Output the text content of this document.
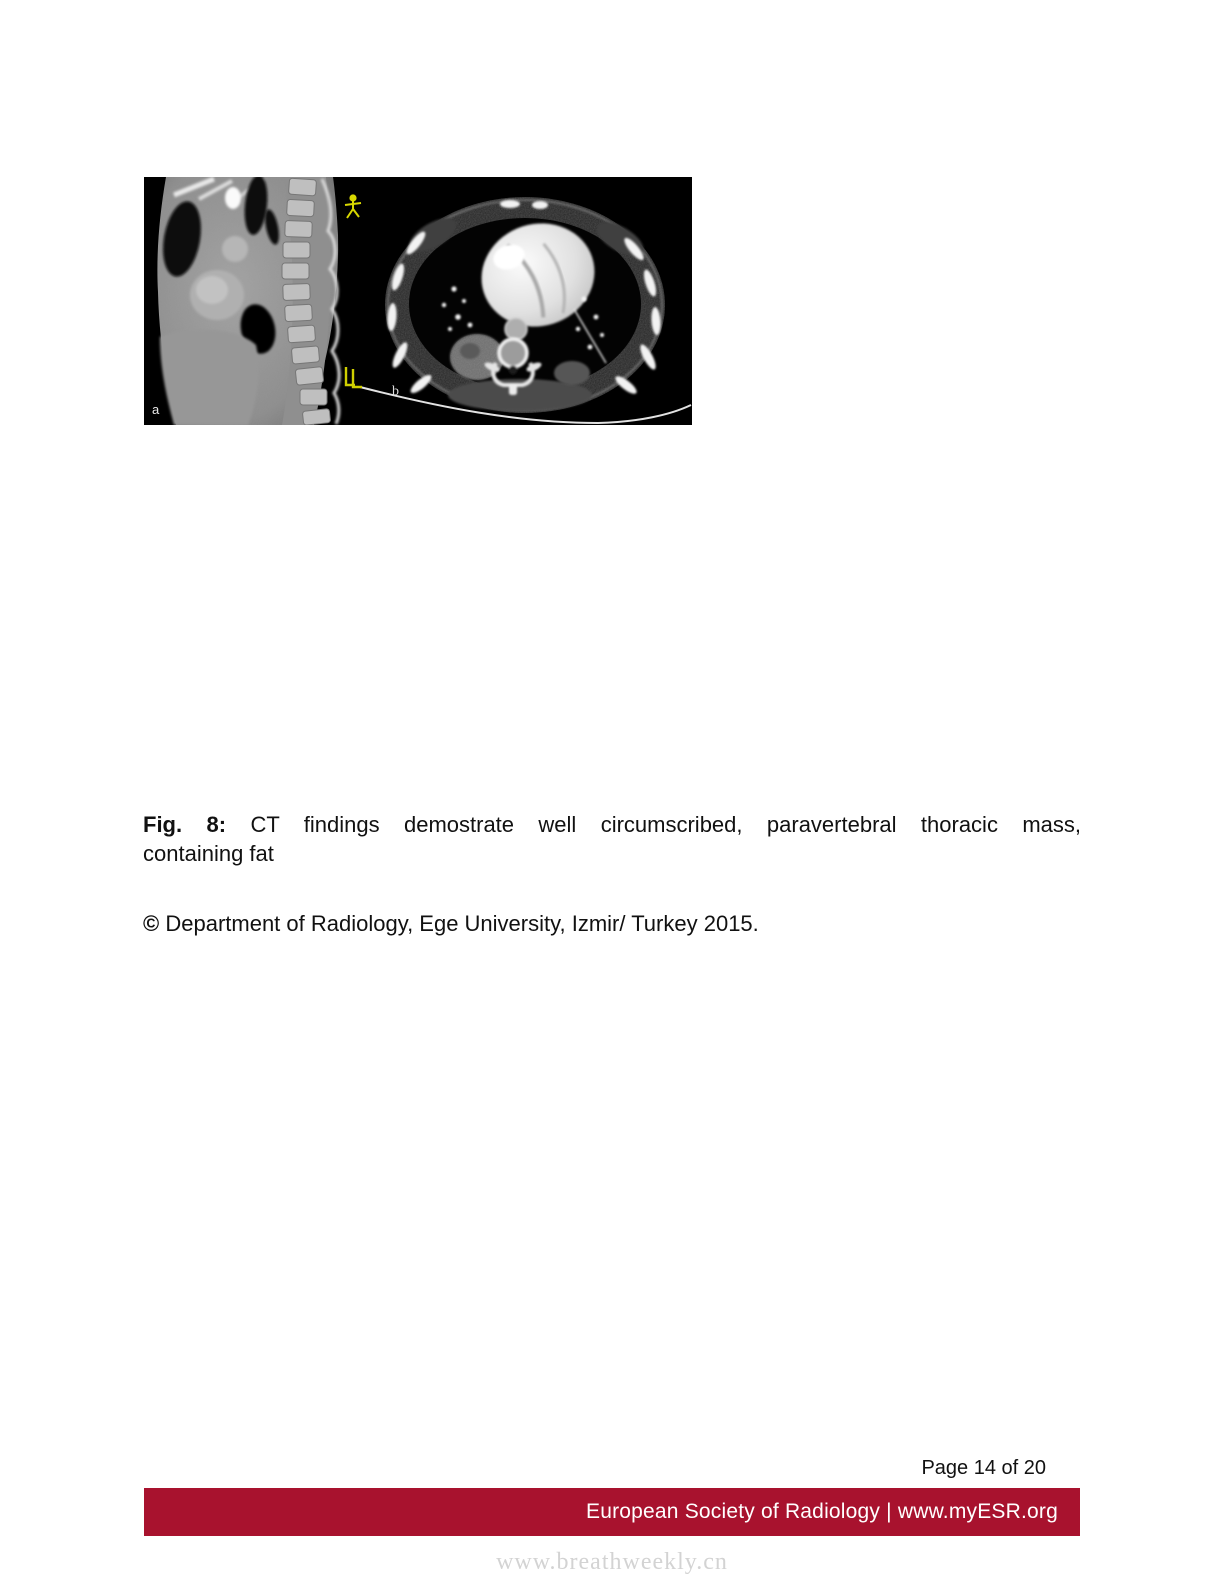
a
b

Fig. 8: CT findings demostrate well circumscribed, paravertebral thoracic mass,

containing fat

© Department of Radiology, Ege University, Izmir/ Turkey 2015.

Page 14 of 20
European Society of Radiology | www.myESR.org
www.breathweekly.cn
